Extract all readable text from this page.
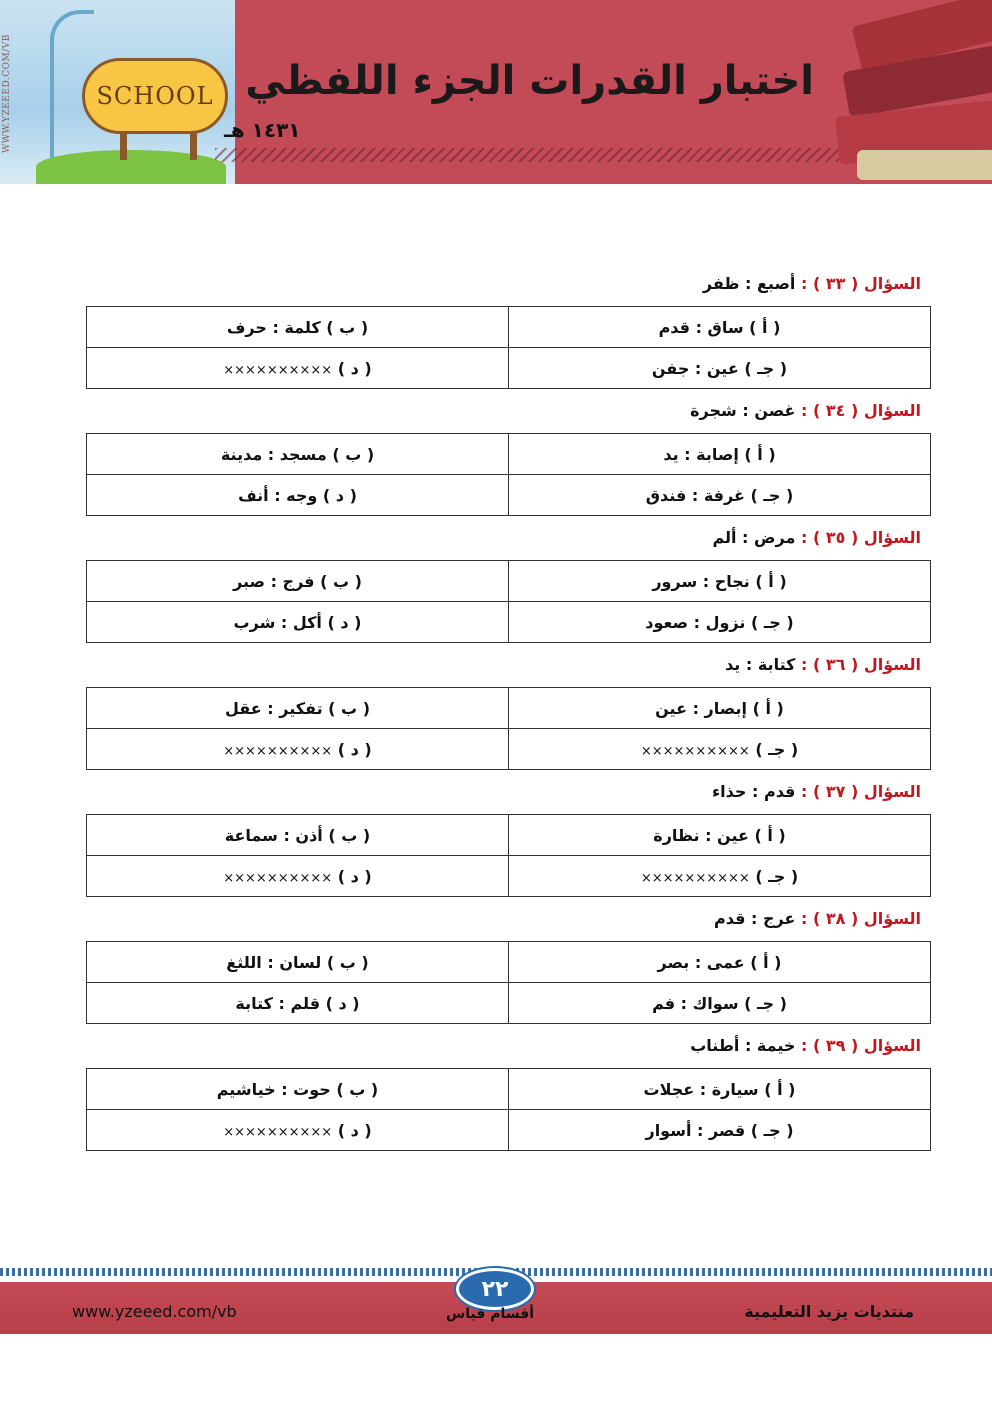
SCHOOL
WWW.YZEEED.COM/VB	اختبار القدرات الجزء اللفظي
١٤٣١ هـ
السؤال ( ٣٣ ) : أصبع : ظفر
( أ ) ساق : قدم	( ب ) كلمة : حرف
( جـ ) عين : جفن	( د ) ××××××××××
السؤال ( ٣٤ ) : غصن : شجرة
( أ ) إصابة : يد	( ب ) مسجد : مدينة
( جـ ) غرفة : فندق	( د ) وجه : أنف
السؤال ( ٣٥ ) : مرض : ألم
( أ ) نجاح : سرور	( ب ) فرج : صبر
( جـ ) نزول : صعود	( د ) أكل : شرب
السؤال ( ٣٦ ) : كتابة : يد
( أ ) إبصار : عين	( ب ) تفكير : عقل
( جـ ) ××××××××××	( د ) ××××××××××
السؤال ( ٣٧ ) : قدم : حذاء
( أ ) عين : نظارة	( ب ) أذن : سماعة
( جـ ) ××××××××××	( د ) ××××××××××
السؤال ( ٣٨ ) : عرج : قدم
( أ ) عمى : بصر	( ب ) لسان : اللثغ
( جـ ) سواك : فم	( د ) قلم : كتابة
السؤال ( ٣٩ ) : خيمة : أطناب
( أ ) سيارة : عجلات	( ب ) حوت : خياشيم
( جـ ) قصر : أسوار	( د ) ××××××××××
٢٢
www.yzeeed.com/vb	أقسام قياس	منتديات يزيد التعليمية
